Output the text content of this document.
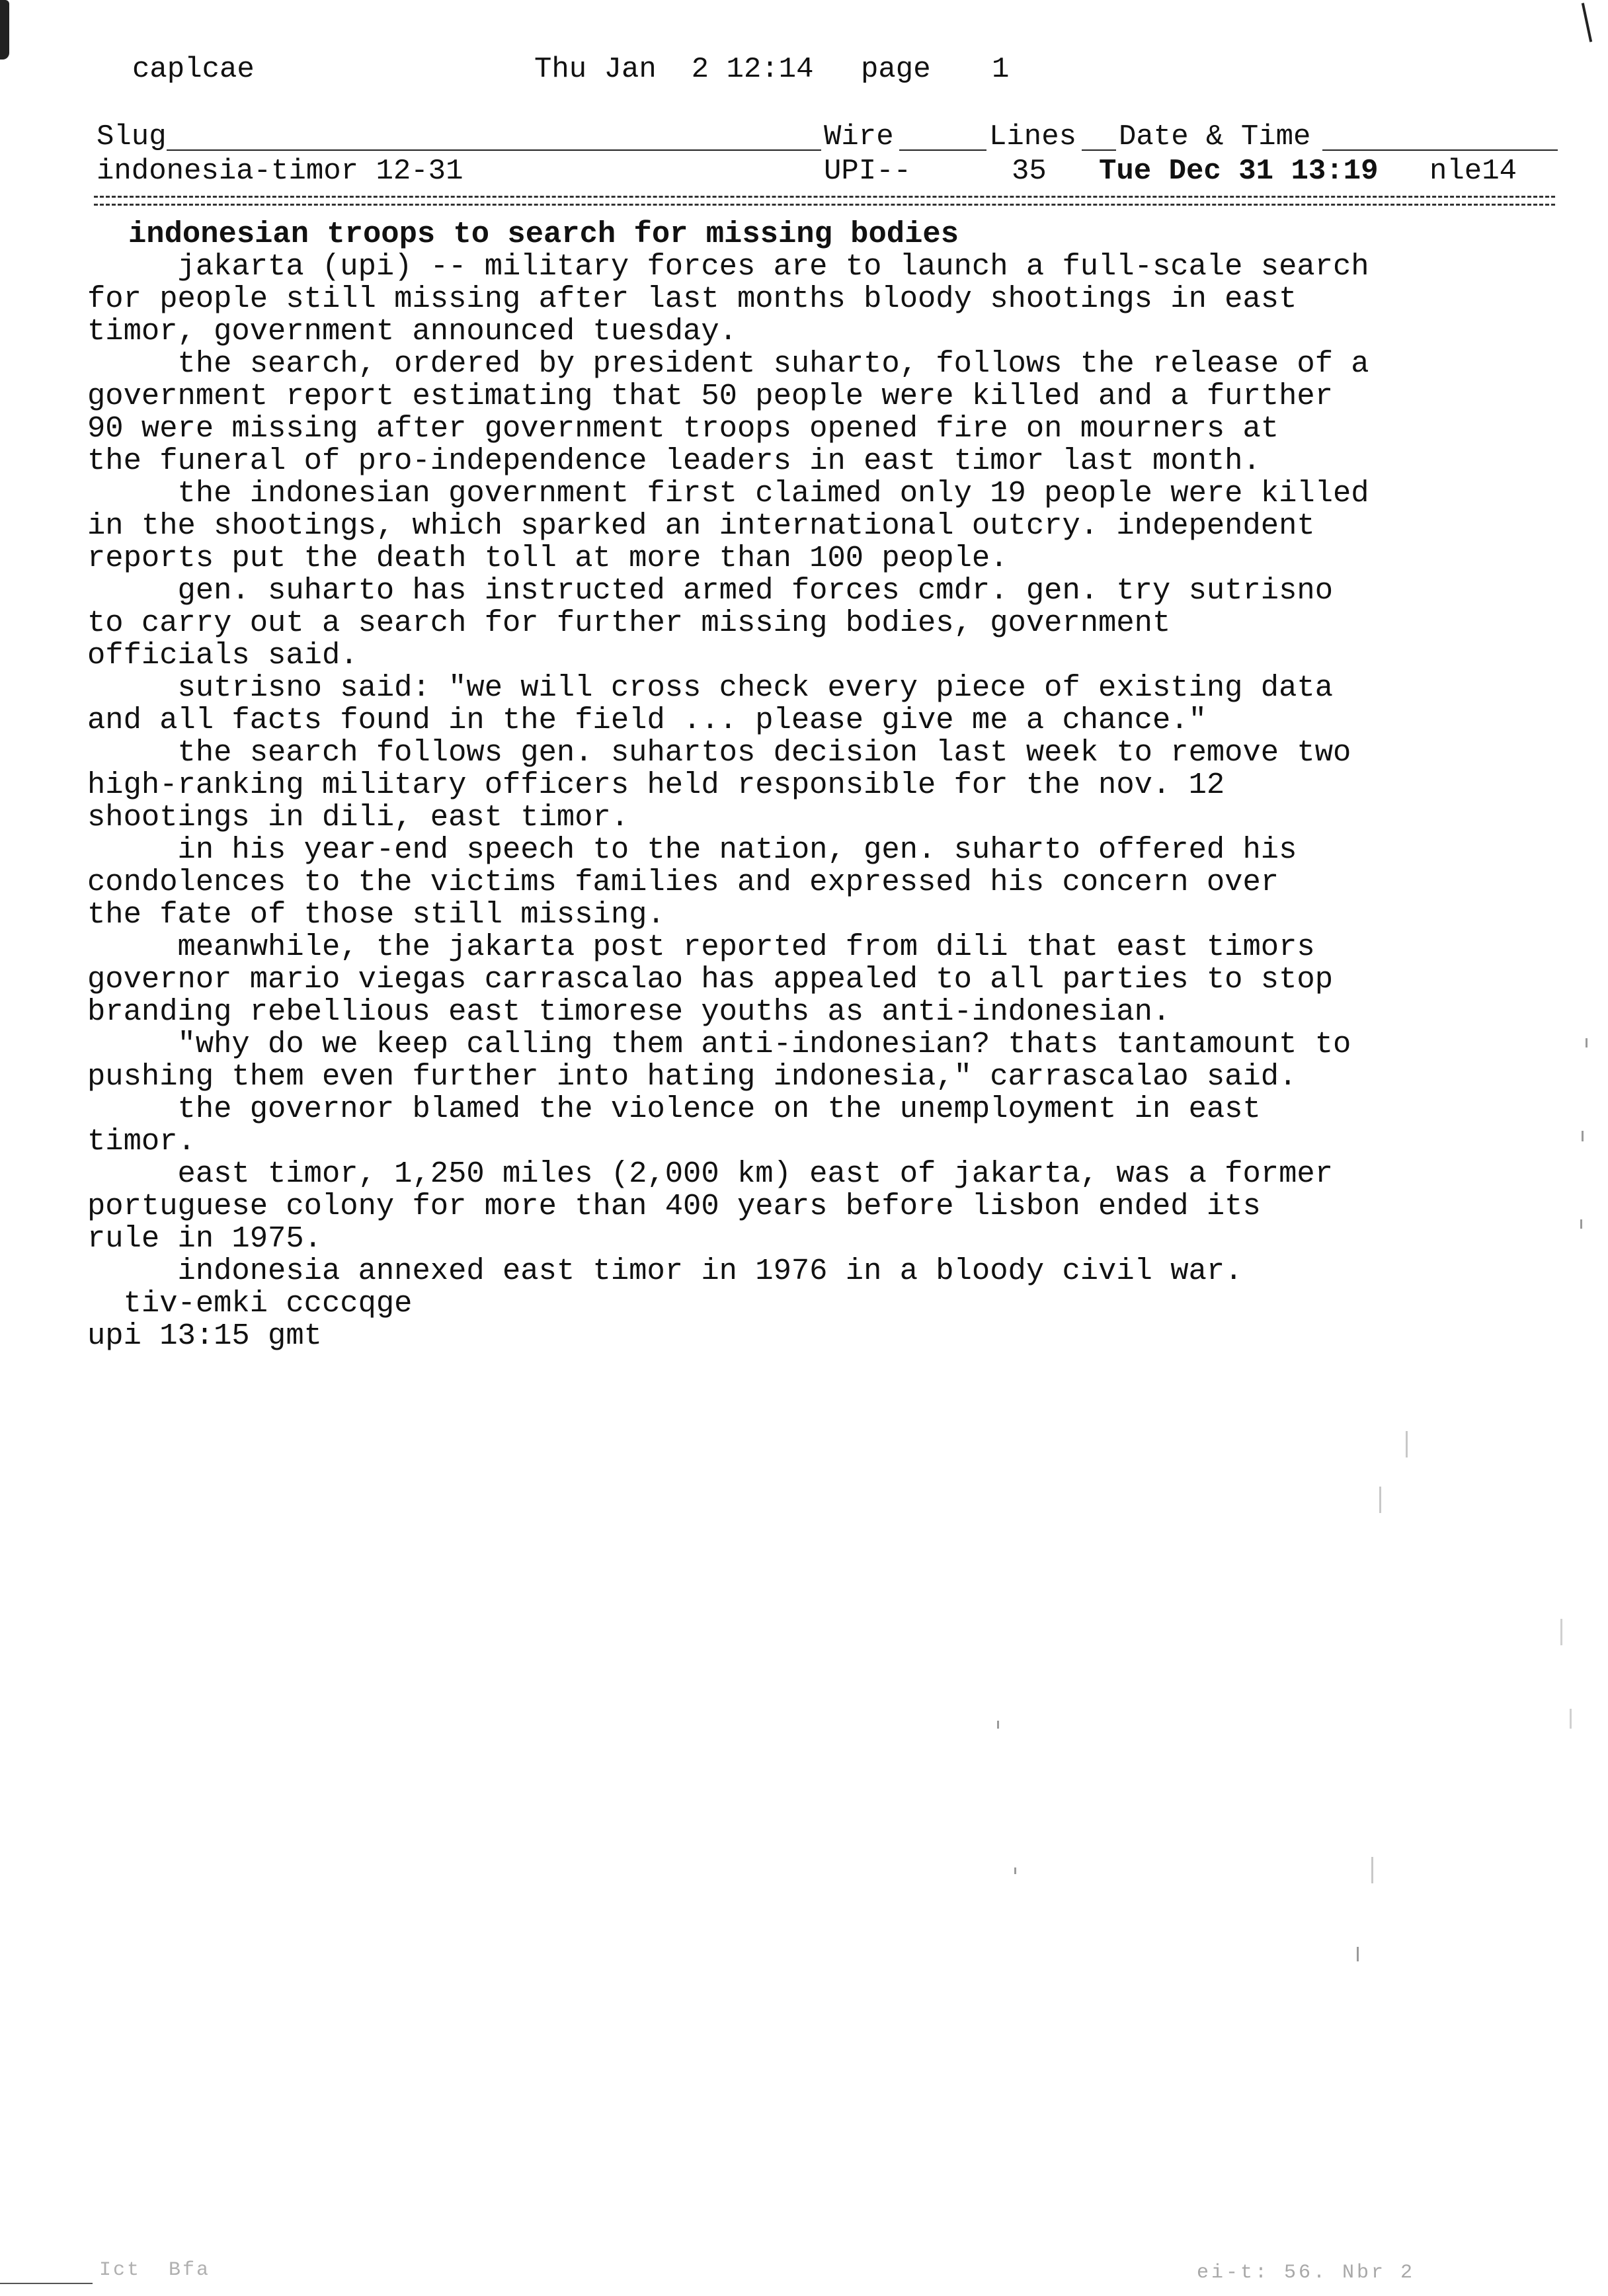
caplcae	Thu Jan  2 12:14 page 1
Slug	Wire	Lines Date & Time
indonesia-timor 12-31	UPI--	35 Tue Dec 31 13:19 nle14
indonesian troops to search for missing bodies
jakarta (upi) -- military forces are to launch a full-scale search
for people still missing after last months bloody shootings in east
timor, government announced tuesday.
the search, ordered by president suharto, follows the release of a
government report estimating that 50 people were killed and a further
90 were missing after government troops opened fire on mourners at
the funeral of pro-independence leaders in east timor last month.
the indonesian government first claimed only 19 people were killed
in the shootings, which sparked an international outcry. independent
reports put the death toll at more than 100 people.
gen. suharto has instructed armed forces cmdr. gen. try sutrisno
to carry out a search for further missing bodies, government
officials said.
sutrisno said: "we will cross check every piece of existing data
and all facts found in the field ... please give me a chance."
the search follows gen. suhartos decision last week to remove two
high-ranking military officers held responsible for the nov. 12
shootings in dili, east timor.
in his year-end speech to the nation, gen. suharto offered his
condolences to the victims families and expressed his concern over
the fate of those still missing.
meanwhile, the jakarta post reported from dili that east timors
governor mario viegas carrascalao has appealed to all parties to stop
branding rebellious east timorese youths as anti-indonesian.
"why do we keep calling them anti-indonesian? thats tantamount to
pushing them even further into hating indonesia," carrascalao said.
the governor blamed the violence on the unemployment in east
timor.
east timor, 1,250 miles (2,000 km) east of jakarta, was a former
portuguese colony for more than 400 years before lisbon ended its
rule in 1975.
indonesia annexed east timor in 1976 in a bloody civil war.
tiv-emki ccccqge
upi 13:15 gmt
Ict  Bfa	ei-t: 56. Nbr 2
